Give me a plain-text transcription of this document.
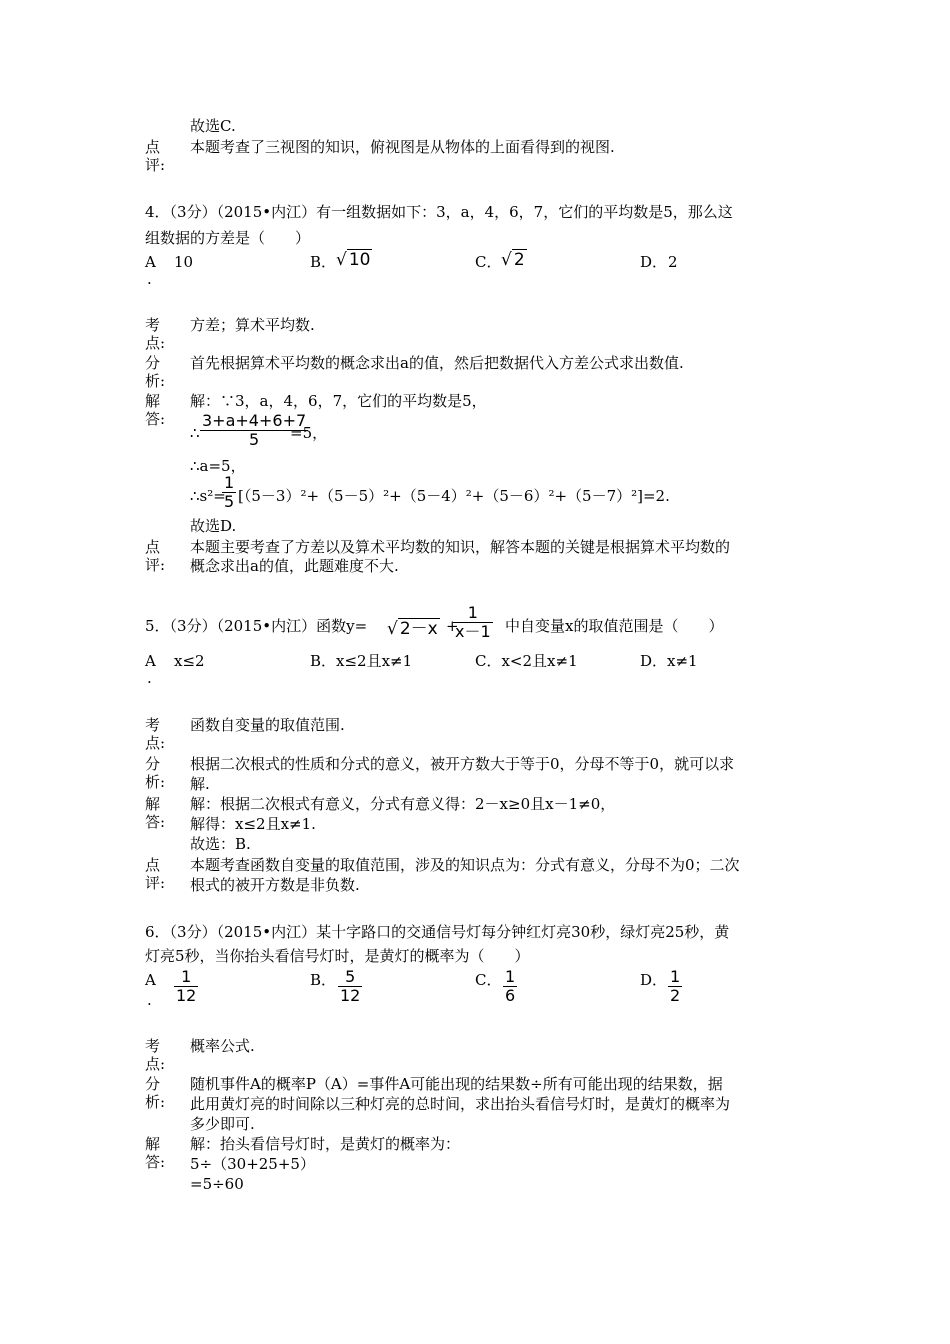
故选C.
点评:
本题考查了三视图的知识，俯视图是从物体的上面看得到的视图.
4．（3分）（2015•内江）有一组数据如下：3，a，4，6，7，它们的平均数是5，那么这
组数据的方差是（　　）
A
.
10	B． √ 10	C． √ 2	D． 2
考点:
方差；算术平均数.
分析:
首先根据算术平均数的概念求出a的值，然后把数据代入方差公式求出数值.
解答:
解：∵3，a，4，6，7，它们的平均数是5，
∴ $\frac{3+a+4+6+7}{5}$
=5，
∴a=5，
∴s²=
$\frac{1}{5} [(5-3)^2+(5-5)^2+(5-4)^2+(5-6)^2+(5-7)^2]=2$.
故选D.
点评:
本题主要考查了方差以及算术平均数的知识，解答本题的关键是根据算术平均数的
概念求出a的值，此题难度不大.
5．（3分）（2015•内江）函数y= √ 2－x +
$\frac{1}{x-1}$ 中自变量x的取值范围是（　　）
A
.
x≤2	B．x≤2且x≠1	C．x<2且x≠1	D．x≠1
考点:
函数自变量的取值范围.
分析:
根据二次根式的性质和分式的意义，被开方数大于等于0，分母不等于0，就可以求
解.
解答:
解：根据二次根式有意义，分式有意义得：2－x≥0且x－1≠0，
解得：x≤2且x≠1.
故选：B.
点评:
本题考查函数自变量的取值范围，涉及的知识点为：分式有意义，分母不为0；二次
根式的被开方数是非负数.
6．（3分）（2015•内江）某十字路口的交通信号灯每分钟红灯亮30秒，绿灯亮25秒，黄
灯亮5秒，当你抬头看信号灯时，是黄灯的概率为（　　）
A
. $\frac{1}{12}$	B． $\frac{5}{12}$	C． $\frac{1}{6}$	D． $\frac{1}{2}$
考点:
概率公式.
分析:
随机事件A的概率P（A）=事件A可能出现的结果数÷所有可能出现的结果数，据
此用黄灯亮的时间除以三种灯亮的总时间，求出抬头看信号灯时，是黄灯的概率为
多少即可.
解答:
解：抬头看信号灯时，是黄灯的概率为：
5÷（30+25+5）
=5÷60
